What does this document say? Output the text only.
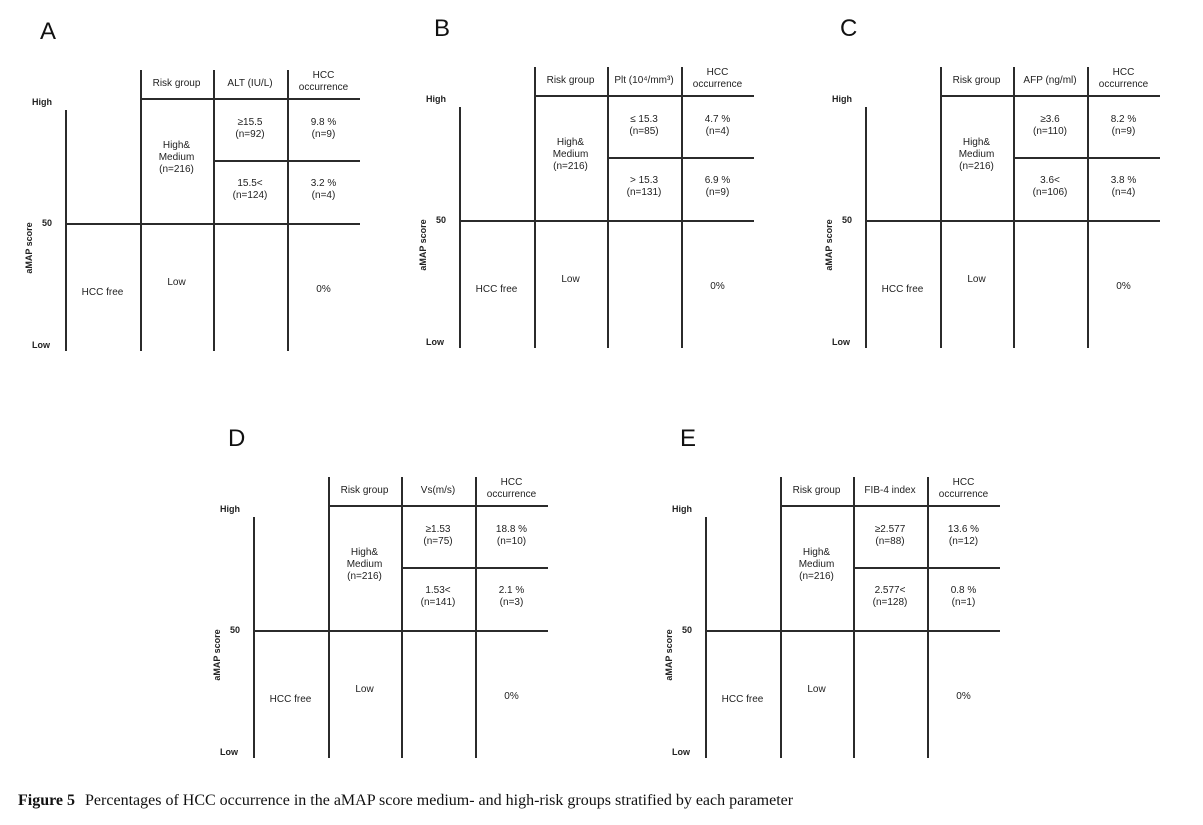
A
High
50
Low
aMAP score
Risk group	ALT (IU/L)
HCC
occurrence
High&
Medium
(n=216)
≥15.5
(n=92)
9.8 %
(n=9)
15.5<
(n=124)
3.2 %
(n=4)
HCC free
Low
0%
B
High
50
Low
aMAP score
Risk group Plt (10⁴/mm³)
HCC
occurrence
High&
Medium
(n=216)
≤ 15.3
(n=85)
4.7 %
(n=4)
> 15.3
(n=131)
6.9 %
(n=9)
HCC free
Low
0%
C
High
50
Low
aMAP score
Risk group AFP (ng/ml)
HCC
occurrence
High&
Medium
(n=216)
≥3.6
(n=110)
8.2 %
(n=9)
3.6<
(n=106)
3.8 %
(n=4)
HCC free
Low
0%
D
High
50
Low
aMAP score
Risk group	Vs(m/s)
HCC
occurrence
High&
Medium
(n=216)
≥1.53
(n=75)
18.8 %
(n=10)
1.53<
(n=141)
2.1 %
(n=3)
HCC free
Low
0%
E
High
50
Low
aMAP score
Risk group FIB-4 index
HCC
occurrence
High&
Medium
(n=216)
≥2.577
(n=88)
13.6 %
(n=12)
2.577<
(n=128)
0.8 %
(n=1)
HCC free
Low
0%
Figure 5 Percentages of HCC occurrence in the aMAP score medium- and high-risk groups stratified by each parameter
